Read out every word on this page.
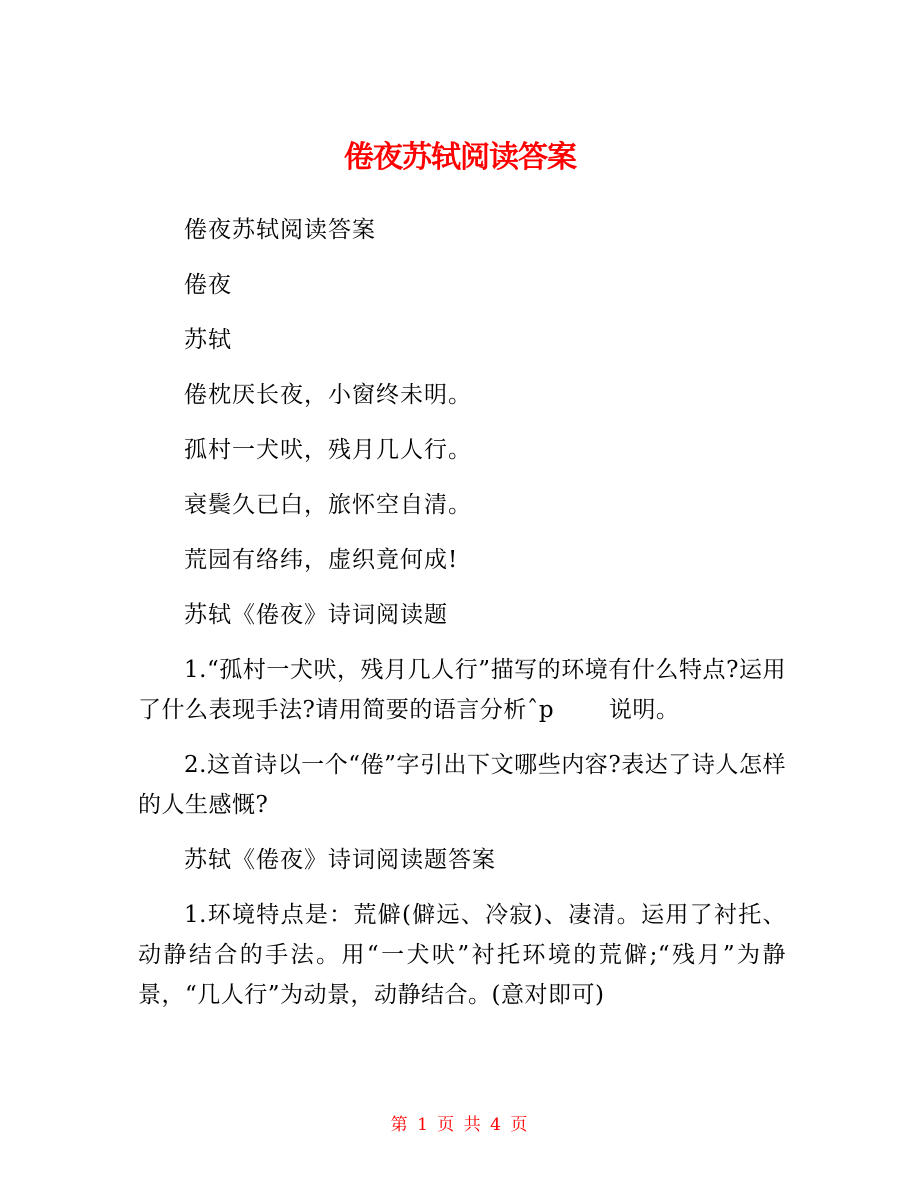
倦夜苏轼阅读答案

倦夜苏轼阅读答案

倦夜

苏轼

倦枕厌长夜，小窗终未明。

孤村一犬吠，残月几人行。

衰鬓久已白，旅怀空自清。

荒园有络纬，虚织竟何成!

苏轼《倦夜》诗词阅读题

1.“孤村一犬吠，残月几人行”描写的环境有什么特点?运用了什么表现手法?请用简要的语言分析ˆp 　　说明。

2.这首诗以一个“倦”字引出下文哪些内容?表达了诗人怎样的人生感慨?

苏轼《倦夜》诗词阅读题答案

1.环境特点是：荒僻(僻远、冷寂)、凄清。运用了衬托、动静结合的手法。用“一犬吠”衬托环境的荒僻;“残月”为静景，“几人行”为动景，动静结合。(意对即可)

第 1 页 共 4 页
